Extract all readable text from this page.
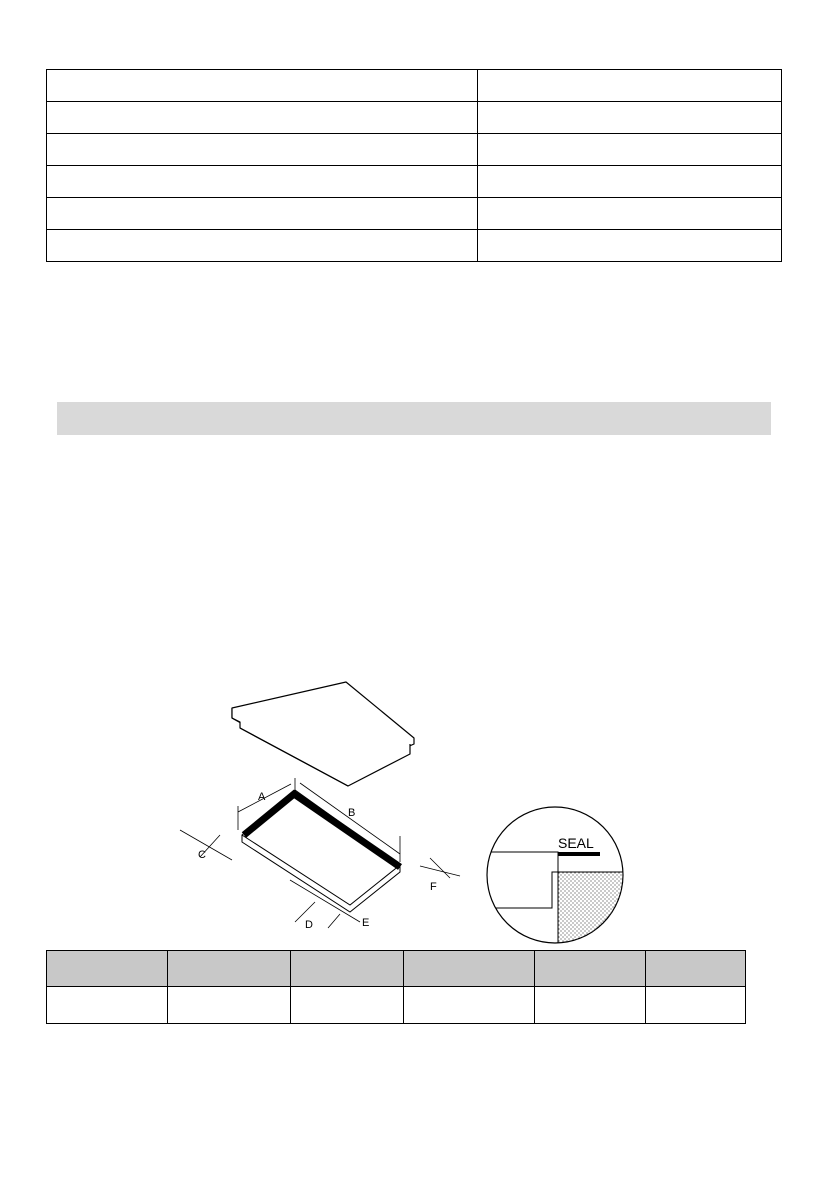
A
B
C
D	E
F
SEAL
